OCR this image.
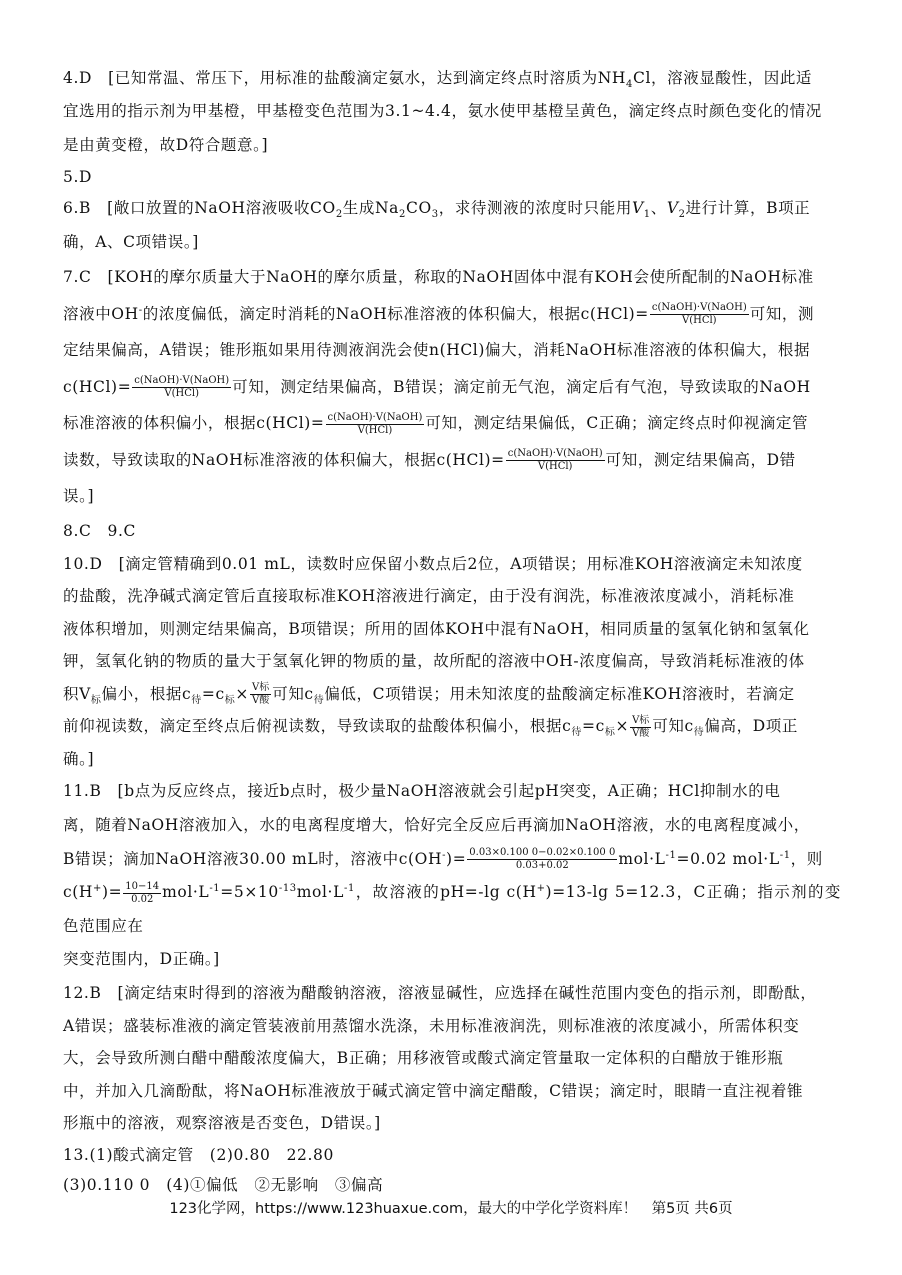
4.D　[已知常温、常压下，用标准的盐酸滴定氨水，达到滴定终点时溶质为$NH_4Cl$，溶液显酸性，因此适
宜选用的指示剂为甲基橙，甲基橙变色范围为3.1~4.4，氨水使甲基橙呈黄色，滴定终点时颜色变化的情况
是由黄变橙，故D符合题意。]

5.D

6.B　[敞口放置的NaOH溶液吸收$CO_2$生成$Na_2CO_3$，求待测液的浓度时只能用$V_1$、$V_2$进行计算，B项正
确，A、C项错误。]

7.C　[KOH的摩尔质量大于NaOH的摩尔质量，称取的NaOH固体中混有KOH会使所配制的NaOH标准
溶液中OH-的浓度偏低，滴定时消耗的NaOH标准溶液的体积偏大，根据$c(HCl)= \frac{\text{c(NaOH)·V(NaOH)}}{\text{V(HCl)}}$ 可知，测
定结果偏高，A错误；锥形瓶如果用待测液润洗会使n(HCl)偏大，消耗NaOH标准溶液的体积偏大，根据
$c(HCl)= \frac{\text{c(NaOH)·V(NaOH)}}{\text{V(HCl)}}$ 可知，测定结果偏高，B错误；滴定前无气泡，滴定后有气泡，导致读取的NaOH
标准溶液的体积偏小，根据$c(HCl)= \frac{\text{c(NaOH)·V(NaOH)}}{\text{V(HCl)}}$ 可知，测定结果偏低，C正确；滴定终点时仰视滴定管
读数，导致读取的NaOH标准溶液的体积偏大，根据$c(HCl)= \frac{\text{c(NaOH)·V(NaOH)}}{\text{V(HCl)}}$ 可知，测定结果偏高，D错
误。]

8.C　9.C

10.D　[滴定管精确到0.01 mL，读数时应保留小数点后2位，A项错误；用标准KOH溶液滴定未知浓度
的盐酸，洗净碱式滴定管后直接取标准KOH溶液进行滴定，由于没有润洗，标准液浓度减小，消耗标准
液体积增加，则测定结果偏高，B项错误；所用的固体KOH中混有NaOH，相同质量的氢氧化钠和氢氧化
钾，氢氧化钠的物质的量大于氢氧化钾的物质的量，故所配的溶液中OH-浓度偏高，导致消耗标准液的体
积$V_标$偏小，根据$c_待=c_标\times \frac{\text{V标}}{\text{V酸}}$ 可知$c_待$偏低，C项错误；用未知浓度的盐酸滴定标准KOH溶液时，若滴定
前仰视读数，滴定至终点后俯视读数，导致读取的盐酸体积偏小，根据$c_待=c_标\times \frac{\text{V标}}{\text{V酸}}$ 可知$c_待$偏高，D项正
确。]

11.B　[b点为反应终点，接近b点时，极少量NaOH溶液就会引起pH突变，A正确；HCl抑制水的电
离，随着NaOH溶液加入，水的电离程度增大，恰好完全反应后再滴加NaOH溶液，水的电离程度减小，
B错误；滴加NaOH溶液30.00 mL时，溶液中$c(OH^-)= \frac{0.03\times 0.100 0-0.02\times 0.100 0}{0.03+0.02} mol\cdot L^{-1}=0.02$ $mol\cdot L^{-1}$，则
$c(H^+)= \frac{10-14}{0.02} mol\cdot L^{-1}=5\times 10^{-13}mol\cdot L^{-1}$，故溶液的pH=-lg c(H+)=13-lg 5=12.3，C正确；指示剂的变色范围应在
突变范围内，D正确。]

12.B　[滴定结束时得到的溶液为醋酸钠溶液，溶液显碱性，应选择在碱性范围内变色的指示剂，即酚酞，
A错误；盛装标准液的滴定管装液前用蒸馏水洗涤，未用标准液润洗，则标准液的浓度减小，所需体积变
大，会导致所测白醋中醋酸浓度偏大，B正确；用移液管或酸式滴定管量取一定体积的白醋放于锥形瓶
中，并加入几滴酚酞，将NaOH标准液放于碱式滴定管中滴定醋酸，C错误；滴定时，眼睛一直注视着锥
形瓶中的溶液，观察溶液是否变色，D错误。]

13.(1)酸式滴定管　(2)0.80　22.80
(3)0.110 0　(4)①偏低　②无影响　③偏高

123化学网，https://www.123huaxue.com，最大的中学化学资料库！　第5页 共6页
